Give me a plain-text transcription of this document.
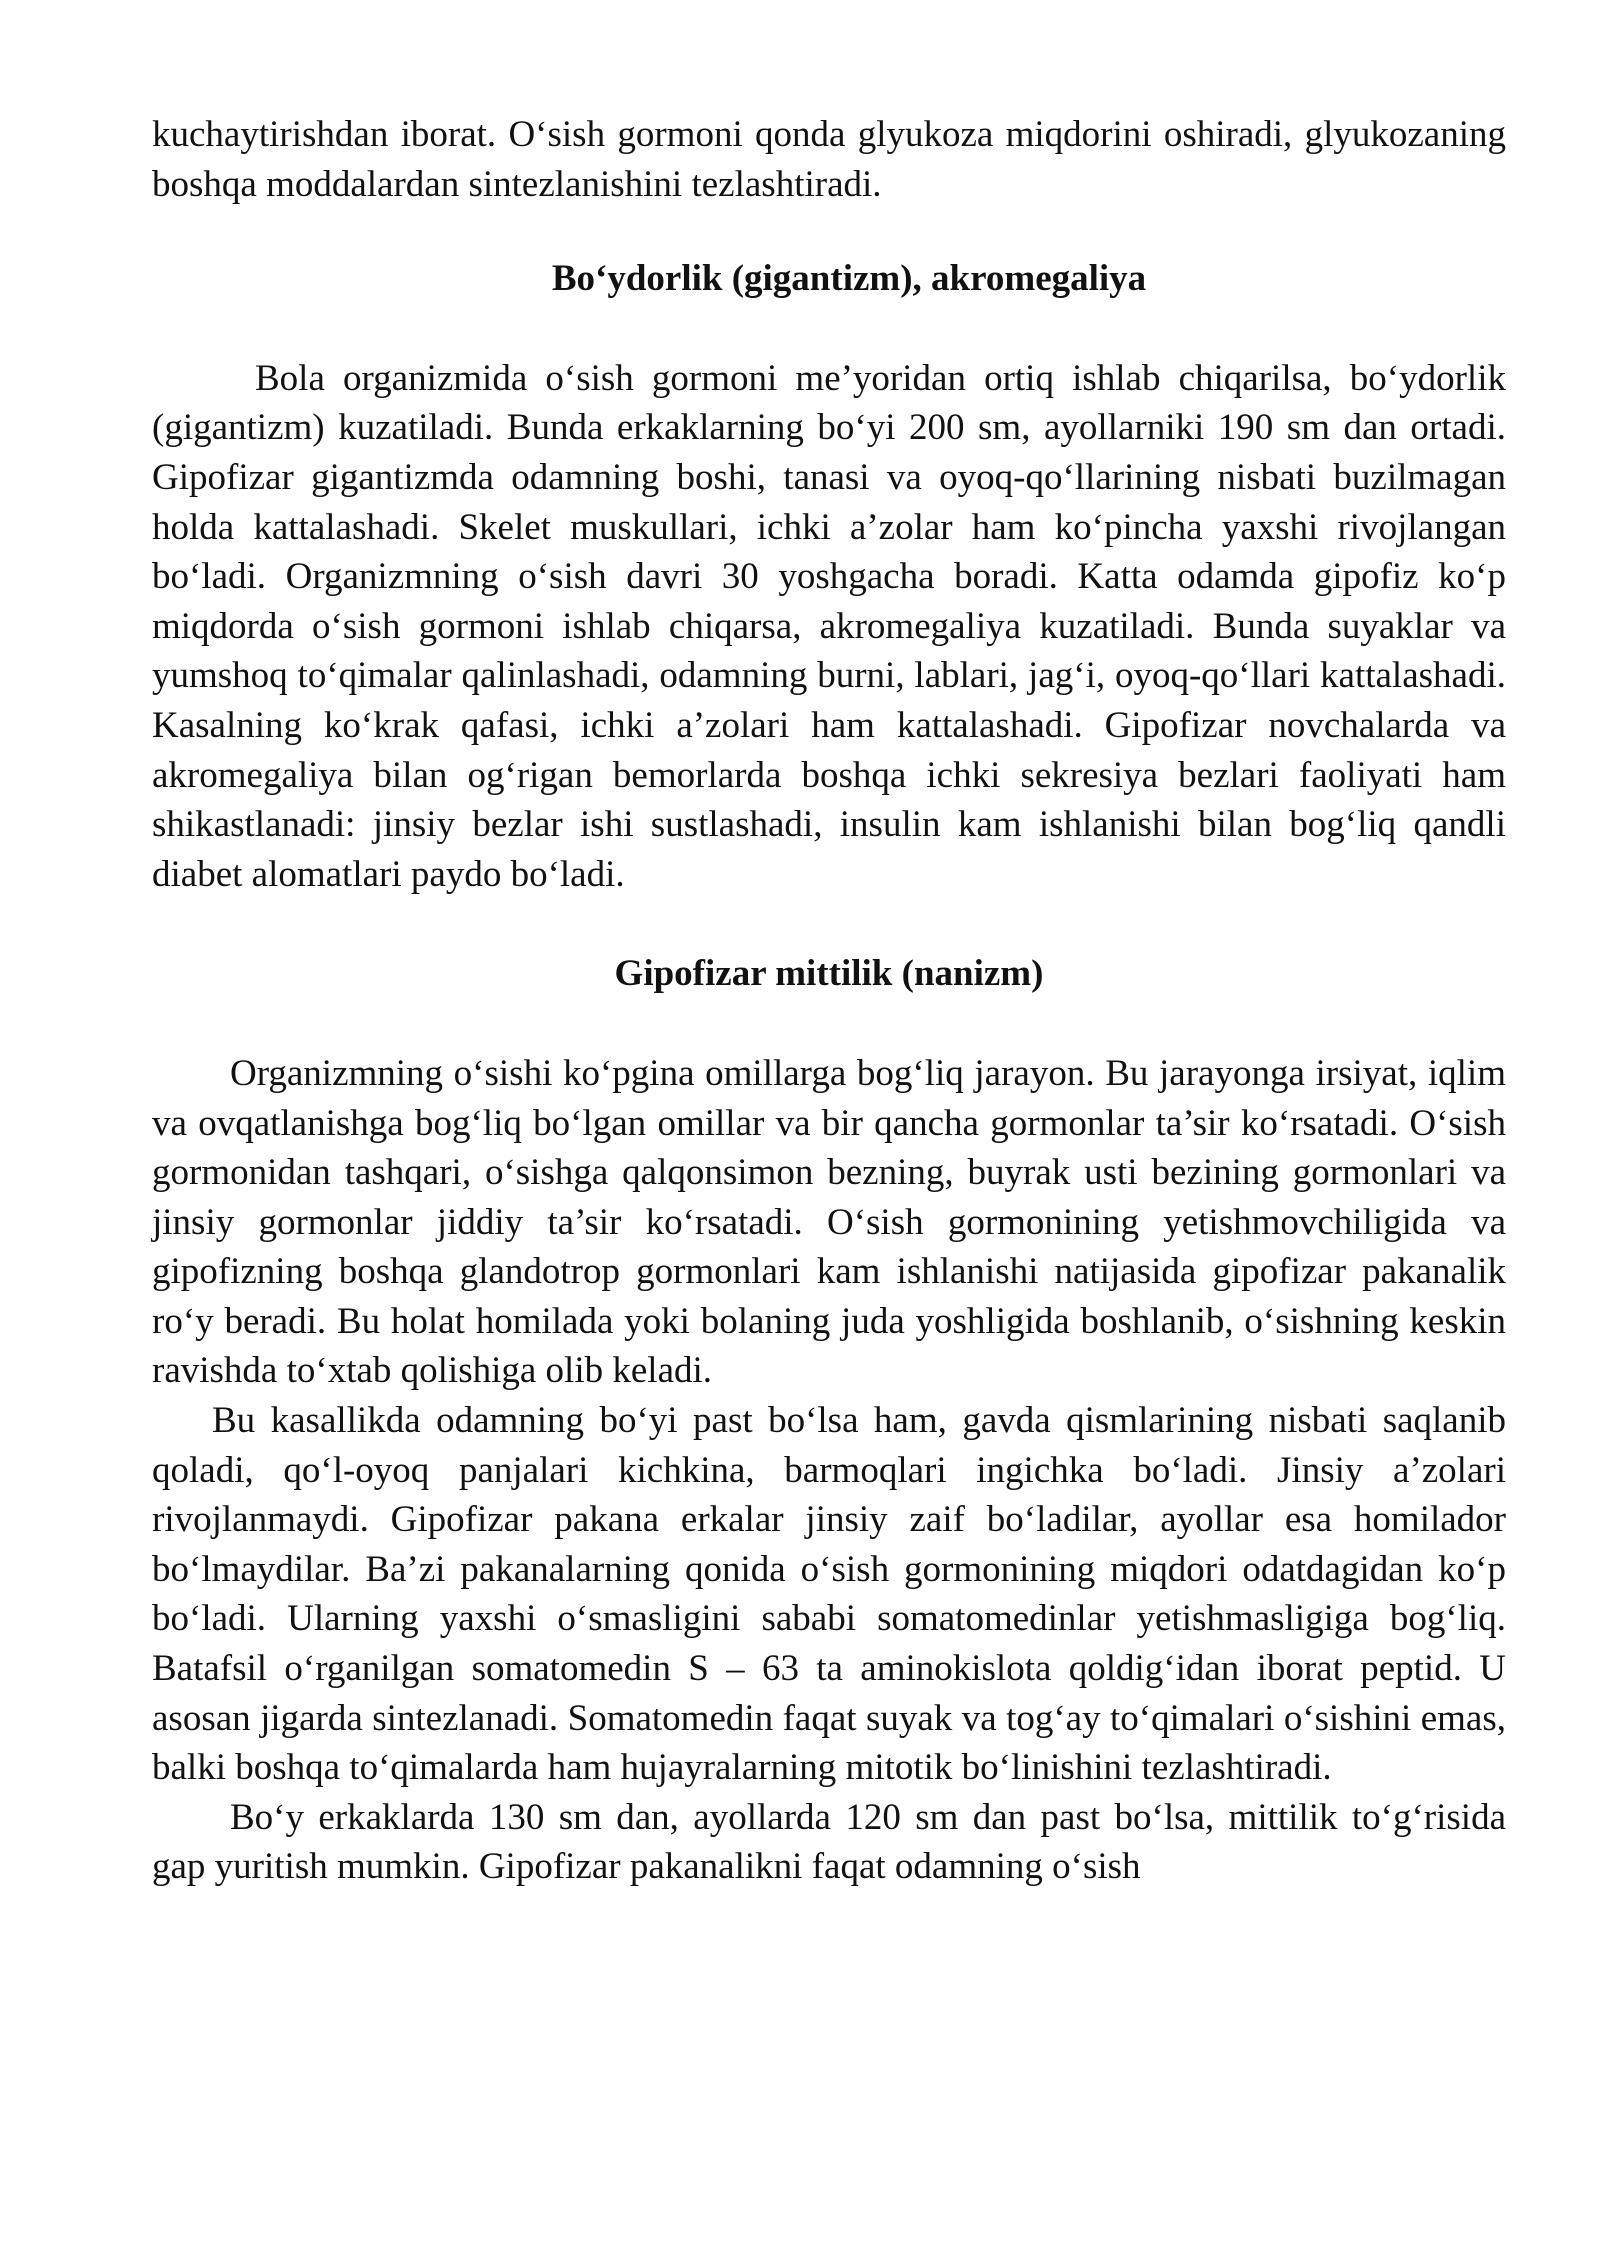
kuchaytirishdan iborat. O‘sish gormoni qonda glyukoza miqdorini oshiradi, glyukozaning boshqa moddalardan sintezlanishini tezlashtiradi.

Bo‘ydorlik (gigantizm), akromegaliya

Bola organizmida o‘sish gormoni me’yoridan ortiq ishlab chiqarilsa, bo‘ydorlik (gigantizm) kuzatiladi. Bunda erkaklarning bo‘yi 200 sm, ayollarniki 190 sm dan ortadi. Gipofizar gigantizmda odamning boshi, tanasi va oyoq-qo‘llarining nisbati buzilmagan holda kattalashadi. Skelet muskullari, ichki a’zolar ham ko‘pincha yaxshi rivojlangan bo‘ladi. Organizmning o‘sish davri 30 yoshgacha boradi. Katta odamda gipofiz ko‘p miqdorda o‘sish gormoni ishlab chiqarsa, akromegaliya kuzatiladi. Bunda suyaklar va yumshoq to‘qimalar qalinlashadi, odamning burni, lablari, jag‘i, oyoq-qo‘llari kattalashadi. Kasalning ko‘krak qafasi, ichki a’zolari ham kattalashadi. Gipofizar novchalarda va akromegaliya bilan og‘rigan bemorlarda boshqa ichki sekresiya bezlari faoliyati ham shikastlanadi: jinsiy bezlar ishi sustlashadi, insulin kam ishlanishi bilan bog‘liq qandli diabet alomatlari paydo bo‘ladi.

Gipofizar mittilik (nanizm)

Organizmning o‘sishi ko‘pgina omillarga bog‘liq jarayon. Bu jarayonga irsiyat, iqlim va ovqatlanishga bog‘liq bo‘lgan omillar va bir qancha gormonlar ta’sir ko‘rsatadi. O‘sish gormonidan tashqari, o‘sishga qalqonsimon bezning, buyrak usti bezining gormonlari va jinsiy gormonlar jiddiy ta’sir ko‘rsatadi. O‘sish gormonining yetishmovchiligida va gipofizning boshqa glandotrop gormonlari kam ishlanishi natijasida gipofizar pakanalik ro‘y beradi. Bu holat homilada yoki bolaning juda yoshligida boshlanib, o‘sishning keskin ravishda to‘xtab qolishiga olib keladi.

Bu kasallikda odamning bo‘yi past bo‘lsa ham, gavda qismlarining nisbati saqlanib qoladi, qo‘l-oyoq panjalari kichkina, barmoqlari ingichka bo‘ladi. Jinsiy a’zolari rivojlanmaydi. Gipofizar pakana erkalar jinsiy zaif bo‘ladilar, ayollar esa homilador bo‘lmaydilar. Ba’zi pakanalarning qonida o‘sish gormonining miqdori odatdagidan ko‘p bo‘ladi. Ularning yaxshi o‘smasligini sababi somatomedinlar yetishmasligiga bog‘liq. Batafsil o‘rganilgan somatomedin S – 63 ta aminokislota qoldig‘idan iborat peptid. U asosan jigarda sintezlanadi. Somatomedin faqat suyak va tog‘ay to‘qimalari o‘sishini emas, balki boshqa to‘qimalarda ham hujayralarning mitotik bo‘linishini tezlashtiradi.

Bo‘y erkaklarda 130 sm dan, ayollarda 120 sm dan past bo‘lsa, mittilik to‘g‘risida gap yuritish mumkin. Gipofizar pakanalikni faqat odamning o‘sish
